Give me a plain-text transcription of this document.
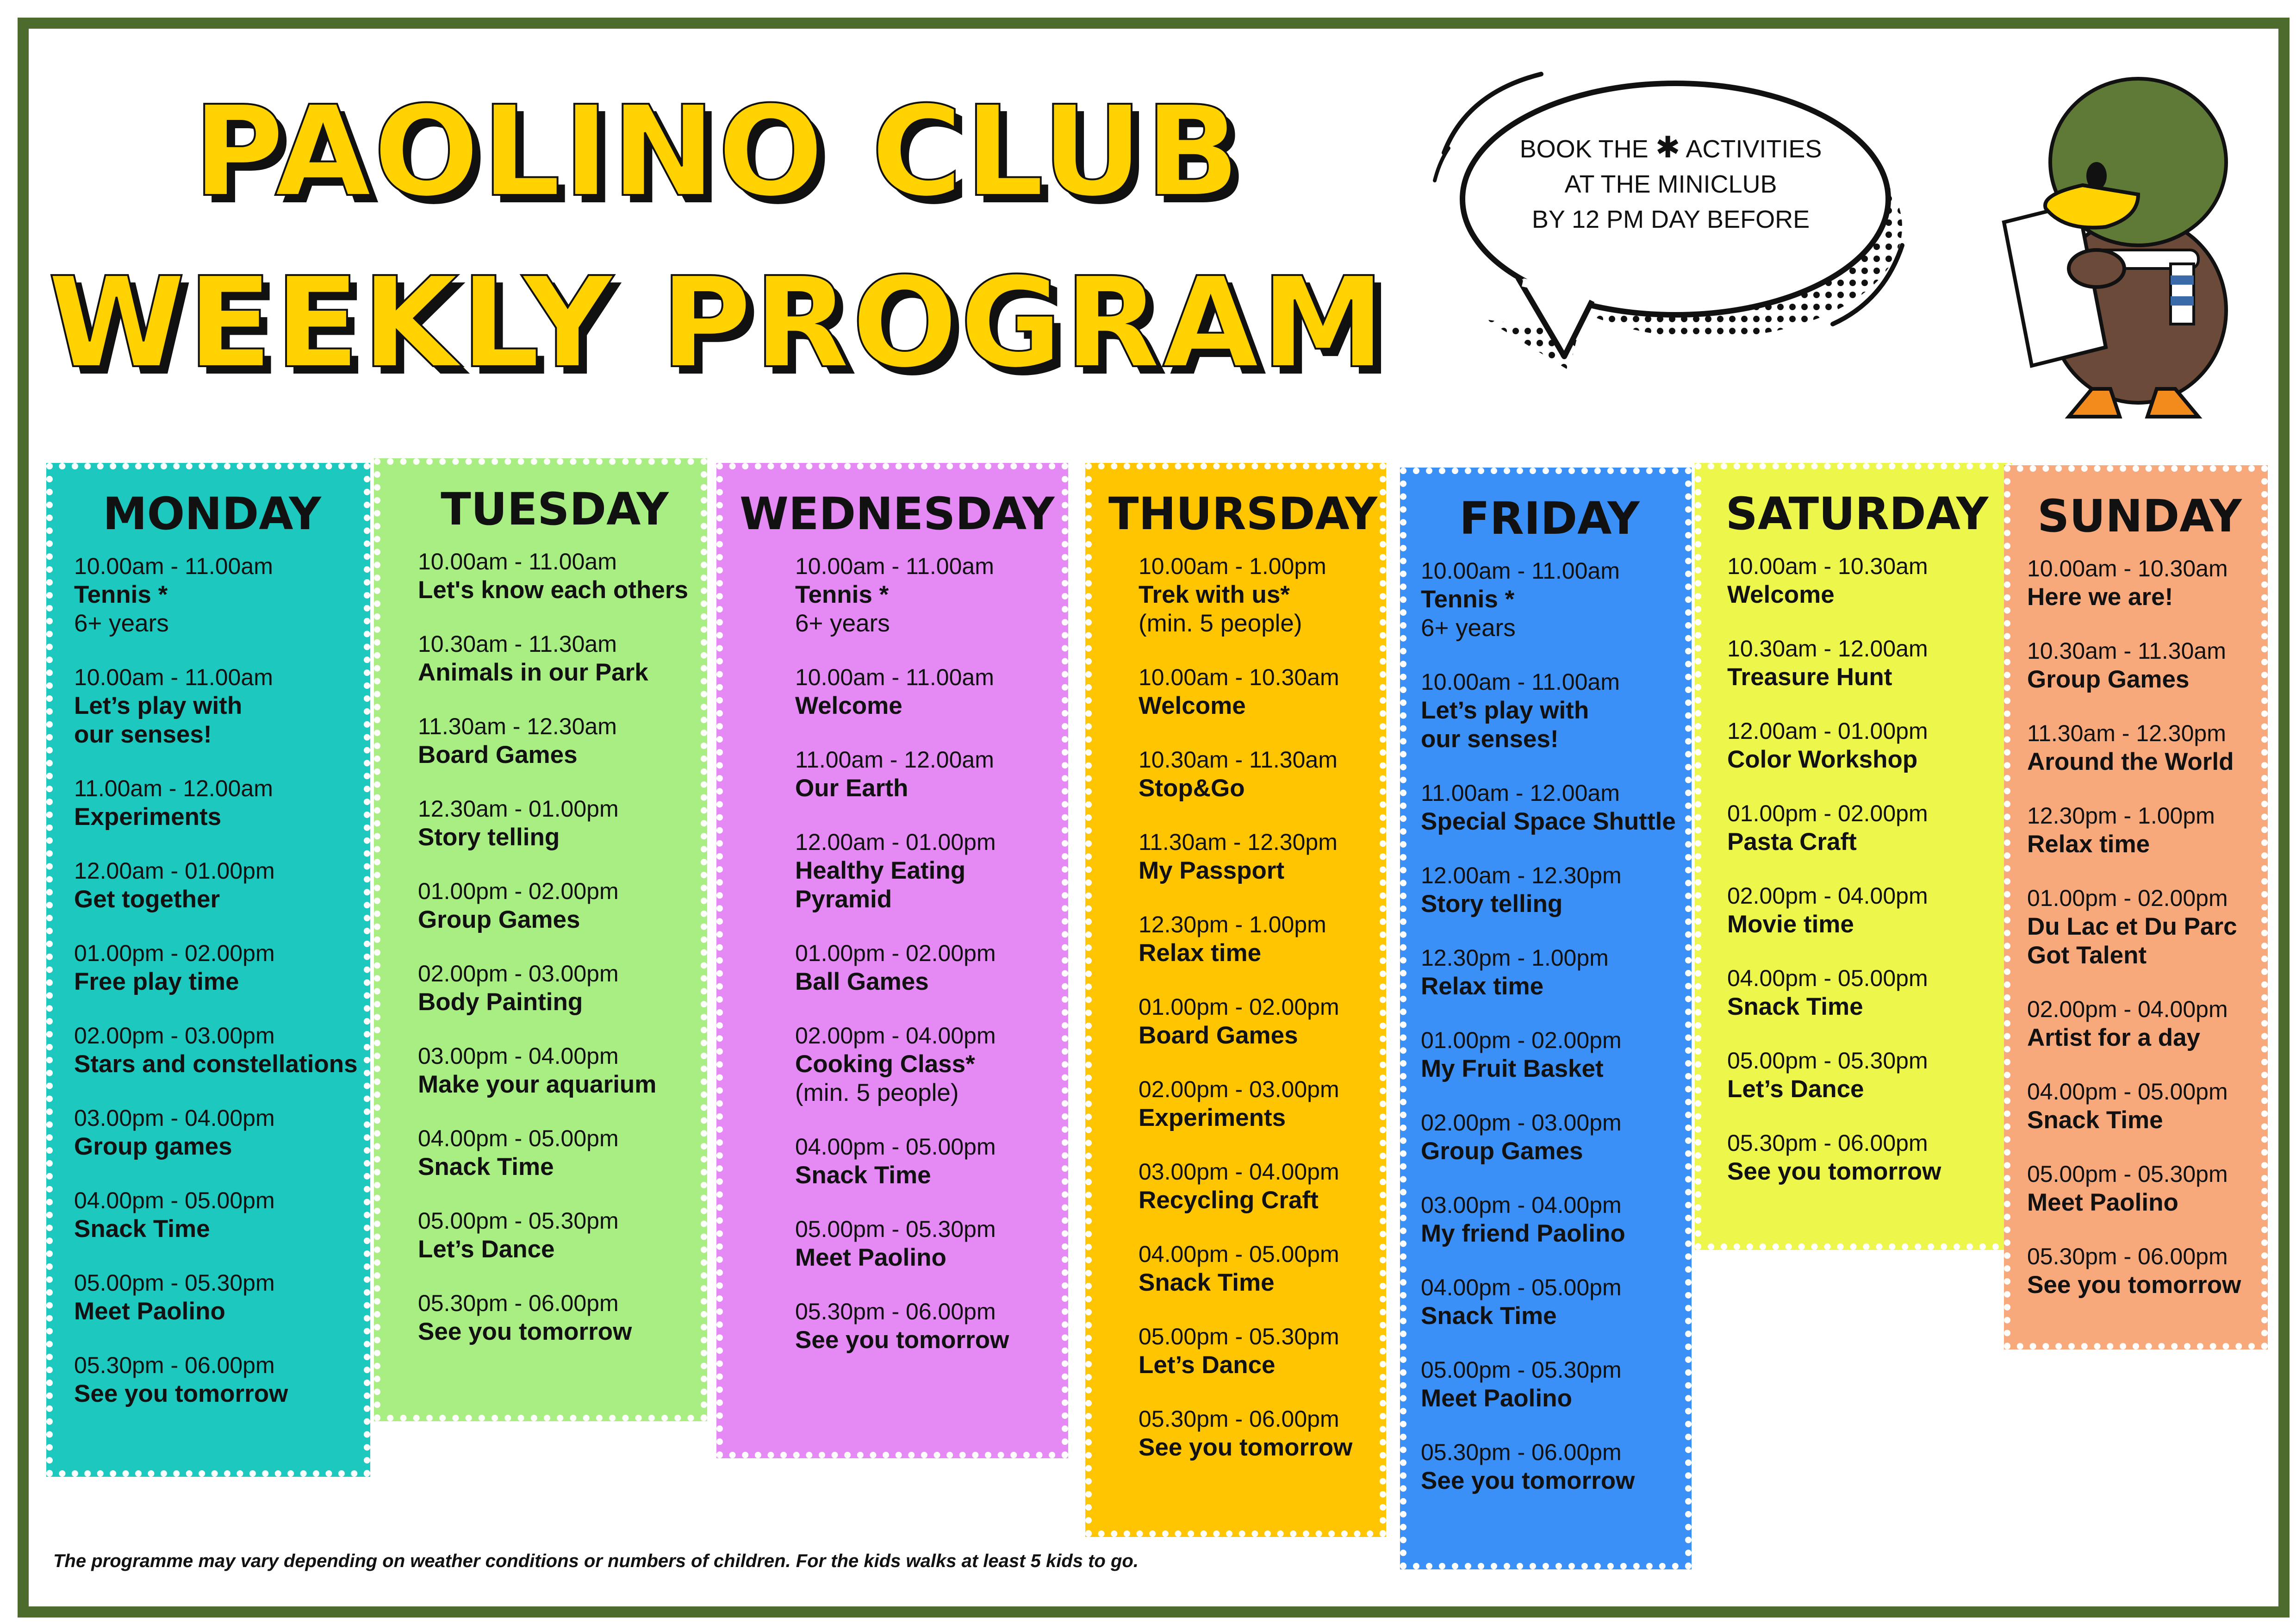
PAOLINO CLUB
WEEKLY PROGRAM
BOOK THE ✱ ACTIVITIES
AT THE MINICLUB
BY 12 PM DAY BEFORE
MONDAY
10.00am - 11.00am
Tennis *
6+ years
10.00am - 11.00am
Let’s play with
our senses!
11.00am - 12.00am
Experiments
12.00am - 01.00pm
Get together
01.00pm - 02.00pm
Free play time
02.00pm - 03.00pm
Stars and constellations
03.00pm - 04.00pm
Group games
04.00pm - 05.00pm
Snack Time
05.00pm - 05.30pm
Meet Paolino
05.30pm - 06.00pm
See you tomorrow
TUESDAY
10.00am - 11.00am
Let's know each others
10.30am - 11.30am
Animals in our Park
11.30am - 12.30am
Board Games
12.30am - 01.00pm
Story telling
01.00pm - 02.00pm
Group Games
02.00pm - 03.00pm
Body Painting
03.00pm - 04.00pm
Make your aquarium
04.00pm - 05.00pm
Snack Time
05.00pm - 05.30pm
Let’s Dance
05.30pm - 06.00pm
See you tomorrow
WEDNESDAY
10.00am - 11.00am
Tennis *
6+ years
10.00am - 11.00am
Welcome
11.00am - 12.00am
Our Earth
12.00am - 01.00pm
Healthy Eating
Pyramid
01.00pm - 02.00pm
Ball Games
02.00pm - 04.00pm
Cooking Class*
(min. 5 people)
04.00pm - 05.00pm
Snack Time
05.00pm - 05.30pm
Meet Paolino
05.30pm - 06.00pm
See you tomorrow
THURSDAY
10.00am - 1.00pm
Trek with us*
(min. 5 people)
10.00am - 10.30am
Welcome
10.30am - 11.30am
Stop&Go
11.30am - 12.30pm
My Passport
12.30pm - 1.00pm
Relax time
01.00pm - 02.00pm
Board Games
02.00pm - 03.00pm
Experiments
03.00pm - 04.00pm
Recycling Craft
04.00pm - 05.00pm
Snack Time
05.00pm - 05.30pm
Let’s Dance
05.30pm - 06.00pm
See you tomorrow
FRIDAY
10.00am - 11.00am
Tennis *
6+ years
10.00am - 11.00am
Let’s play with
our senses!
11.00am - 12.00am
Special Space Shuttle
12.00am - 12.30pm
Story telling
12.30pm - 1.00pm
Relax time
01.00pm - 02.00pm
My Fruit Basket
02.00pm - 03.00pm
Group Games
03.00pm - 04.00pm
My friend Paolino
04.00pm - 05.00pm
Snack Time
05.00pm - 05.30pm
Meet Paolino
05.30pm - 06.00pm
See you tomorrow
SATURDAY
10.00am - 10.30am
Welcome
10.30am - 12.00am
Treasure Hunt
12.00am - 01.00pm
Color Workshop
01.00pm - 02.00pm
Pasta Craft
02.00pm - 04.00pm
Movie time
04.00pm - 05.00pm
Snack Time
05.00pm - 05.30pm
Let’s Dance
05.30pm - 06.00pm
See you tomorrow
SUNDAY
10.00am - 10.30am
Here we are!
10.30am - 11.30am
Group Games
11.30am - 12.30pm
Around the World
12.30pm - 1.00pm
Relax time
01.00pm - 02.00pm
Du Lac et Du Parc
Got Talent
02.00pm - 04.00pm
Artist for a day
04.00pm - 05.00pm
Snack Time
05.00pm - 05.30pm
Meet Paolino
05.30pm - 06.00pm
See you tomorrow
The programme may vary depending on weather conditions or numbers of children. For the kids walks at least 5 kids to go.
